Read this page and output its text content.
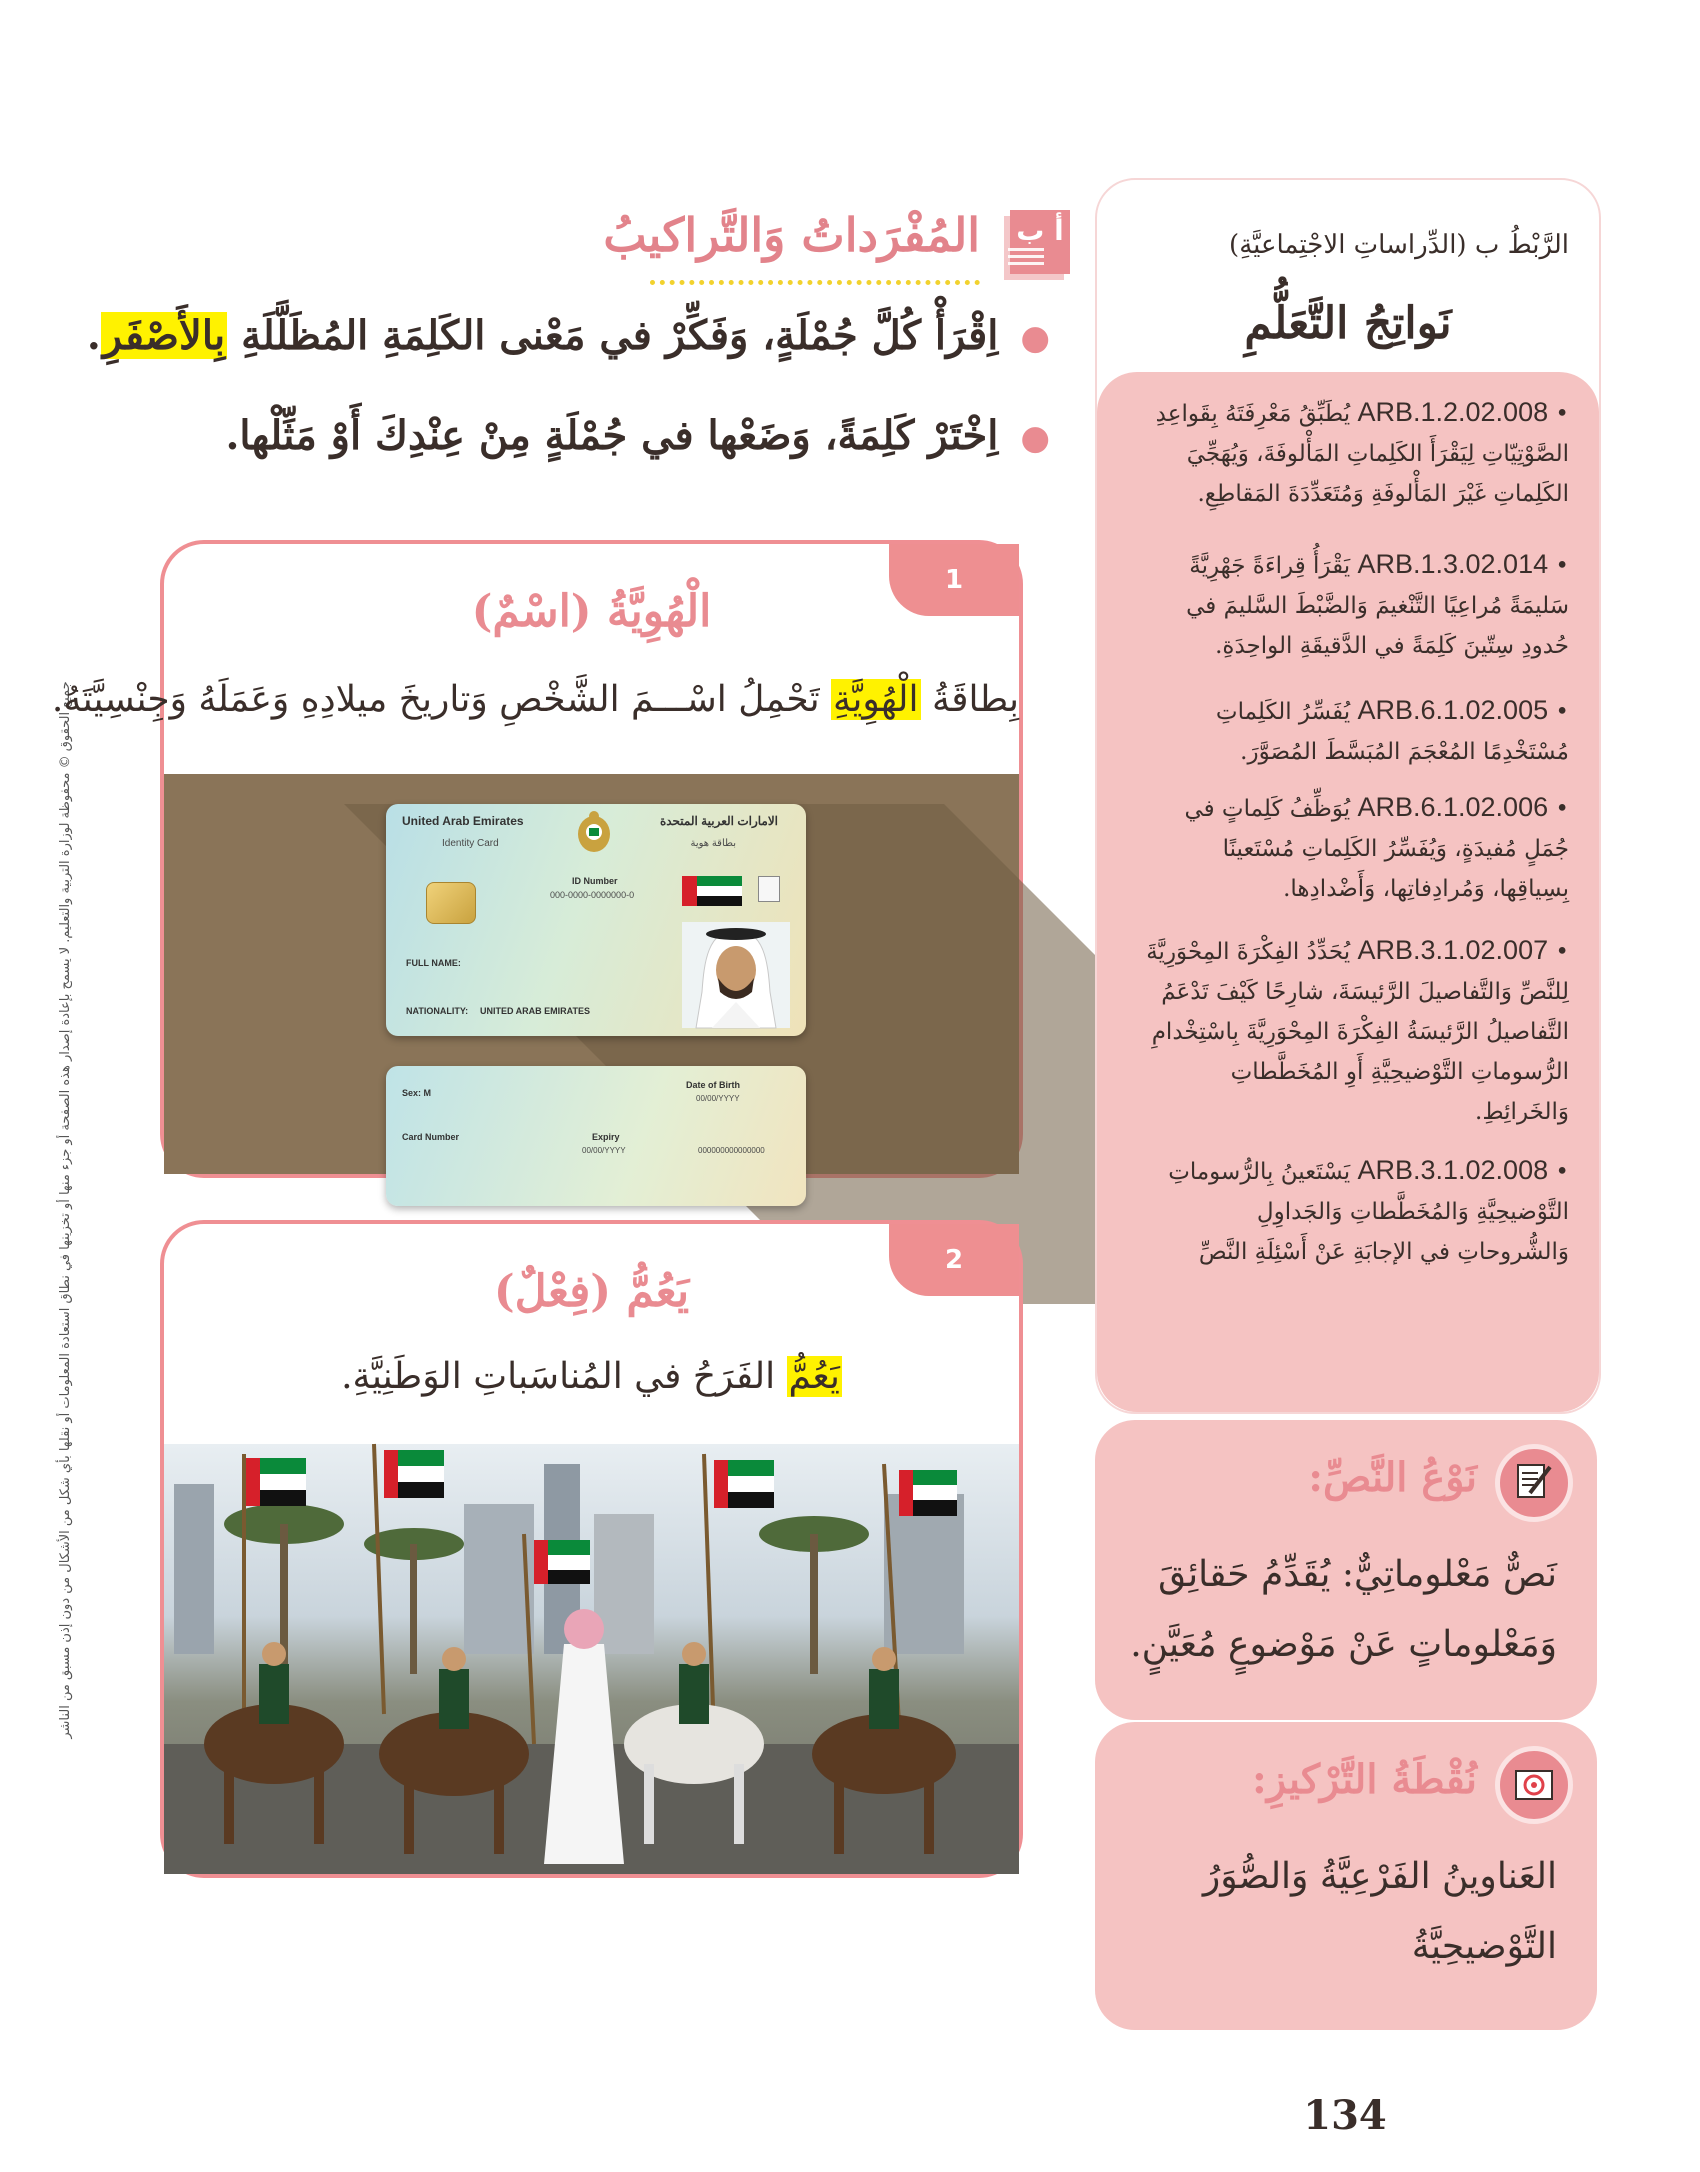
جميع الحقوق © محفوظة لوزارة التربية والتعليم. لا يسمح بإعادة إصدار هذه الصفحة أو جزء منها أو تخزينها في نطاق استعادة المعلومات أو نقلها بأي شكل من الأشكال من دون إذن مسبق من الناشر
أ ب
المُفْرَداتُ وَالتَّراكيبُ
●اِقْرَأْ كُلَّ جُمْلَةٍ، وَفَكِّرْ في مَعْنى الكَلِمَةِ المُظَلَّلَةِ بِالأَصْفَرِ.
●اِخْتَرْ كَلِمَةً، وَضَعْها في جُمْلَةٍ مِنْ عِنْدِكَ أَوْ مَثِّلْها.
1
الْهُوِيَّةُ (اسْمٌ)
بِطاقَةُ الْهُوِيَّةِ تَحْمِلُ اسْـــمَ الشَّخْصِ وَتاريخَ ميلادِهِ وَعَمَلَهُ وَجِنْسِيَّتَهُ.
United Arab Emirates
Identity Card
الامارات العربية المتحدة
بطاقة هوية
ID Number
000-0000-0000000-0
FULL NAME:
NATIONALITY: UNITED ARAB EMIRATES
Sex: M
Date of Birth
00/00/YYYY
Card Number	Expiry
00/00/YYYY	000000000000000
2
يَعُمُّ (فِعْلٌ)
يَعُمُّ الفَرَحُ في المُناسَباتِ الوَطَنِيَّةِ.
الرَّبْطُ ب (الدِّراساتِ الاجْتِماعيَّةِ)
نَواتِجُ التَّعَلُّمِ
• ARB.1.2.02.008 يُطَبِّقُ مَعْرِفَتَهُ بِقَواعِدِ الصَّوْتِيّاتِ لِيَقْرَأَ الكَلِماتِ المَأْلوفَةَ، وَيُهَجِّيَ الكَلِماتِ غَيْرَ المَأْلوفَةِ وَمُتَعَدِّدَةَ المَقاطِعِ.
• ARB.1.3.02.014 يَقْرَأُ قِراءَةً جَهْرِيَّةً سَليمَةً مُراعِيًا التَّنْغيمَ وَالضَّبْطَ السَّليمَ في حُدودِ سِتّينَ كَلِمَةً في الدَّقيقَةِ الواحِدَةِ.
• ARB.6.1.02.005 يُفَسِّرُ الكَلِماتِ مُسْتَخْدِمًا المُعْجَمَ المُبَسَّطَ المُصَوَّرَ.
• ARB.6.1.02.006 يُوَظِّفُ كَلِماتٍ في جُمَلٍ مُفيدَةٍ، وَيُفَسِّرُ الكَلِماتِ مُسْتَعينًا بِسِياقِها، وَمُرادِفاتِها، وَأَضْدادِها.
• ARB.3.1.02.007 يُحَدِّدُ الفِكْرَةَ المِحْوَرِيَّةَ لِلنَّصِّ وَالتَّفاصيلَ الرَّئيسَةَ، شارِحًا كَيْفَ تَدْعَمُ التَّفاصيلُ الرَّئيسَةُ الفِكْرَةَ المِحْوَرِيَّةَ بِاسْتِخْدامِ الرُّسوماتِ التَّوْضيحِيَّةِ أَوِ المُخَطَّطاتِ وَالخَرائِطِ.
• ARB.3.1.02.008 يَسْتَعينُ بِالرُّسوماتِ التَّوْضيحِيَّةِ وَالمُخَطَّطاتِ وَالجَداوِلِ وَالشُّروحاتِ في الإجابَةِ عَنْ أَسْئِلَةِ النَّصِّ
نَوْعُ النَّصِّ:
نَصٌّ مَعْلوماتِيٌّ: يُقَدِّمُ حَقائِقَ وَمَعْلوماتٍ عَنْ مَوْضوعٍ مُعَيَّنٍ.
نُقْطَةُ التَّرْكيزِ:
العَناوينُ الفَرْعِيَّةُ وَالصُّوَرُ التَّوْضيحِيَّةُ
134
